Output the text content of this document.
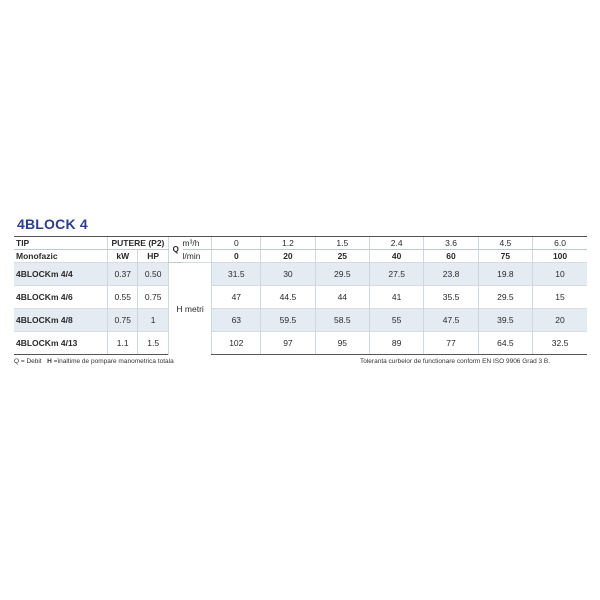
4BLOCK 4
TIP	PUTERE (P2)		Q	m³/h	0	1.2	1.5	2.4	3.6	4.5	6.0
Monofazic	kW	HP		l/min	0	20	25	40	60	75	100
4BLOCKm 4/4	0.37	0.50	H metri		31.5	30	29.5	27.5	23.8	19.8	10
4BLOCKm 4/6	0.55	0.75			47	44.5	44	41	35.5	29.5	15
4BLOCKm 4/8	0.75	1			63	59.5	58.5	55	47.5	39.5	20
4BLOCKm 4/13	1.1	1.5			102	97	95	89	77	64.5	32.5
Q = Debit H =înaltime de pompare manometrica totala	Toleranta curbelor de functionare conform EN ISO 9906 Grad 3 B.
